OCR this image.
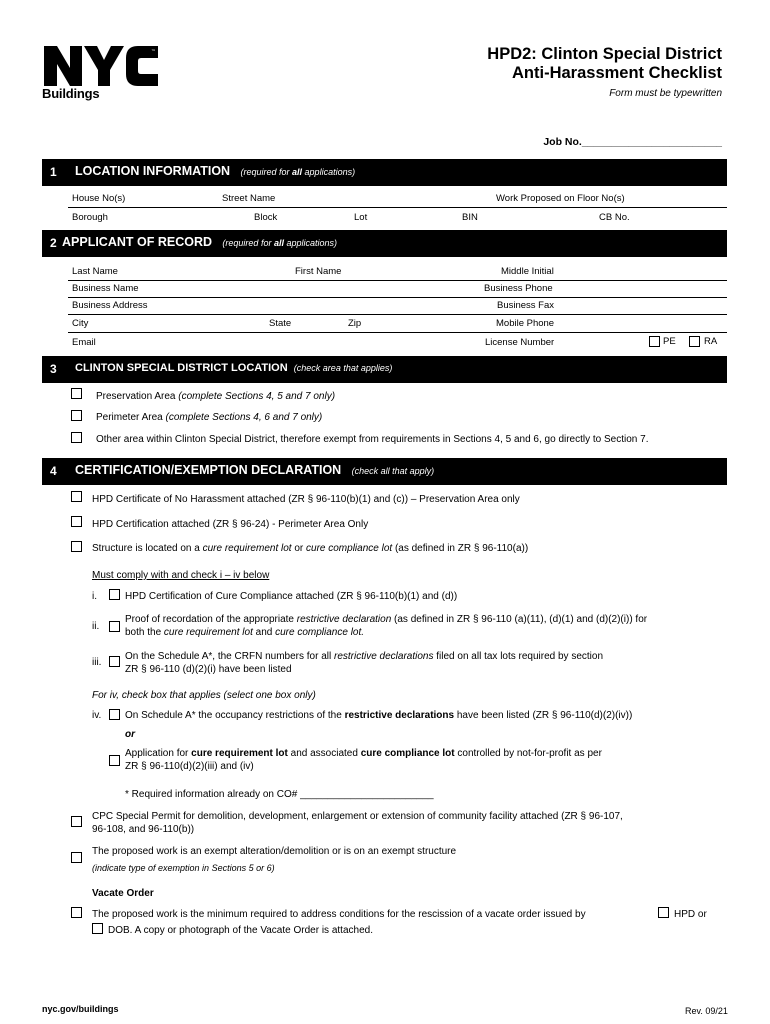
™
Buildings
HPD2: Clinton Special District
Anti-Harassment Checklist
Form must be typewritten
Job No.________________________
1 LOCATION INFORMATION (required for all applications)
House No(s)	Street Name	Work Proposed on Floor No(s)
Borough	Block	Lot	BIN	CB No.
2 APPLICANT OF RECORD (required for all applications)
Last Name	First Name	Middle Initial
Business Name	Business Phone
Business Address	Business Fax
City	State	Zip	Mobile Phone
Email	License Number	PE	RA
3 CLINTON SPECIAL DISTRICT LOCATION (check area that applies)
Preservation Area (complete Sections 4, 5 and 7 only)
Perimeter Area (complete Sections 4, 6 and 7 only)
Other area within Clinton Special District, therefore exempt from requirements in Sections 4, 5 and 6, go directly to Section 7.
4 CERTIFICATION/EXEMPTION DECLARATION (check all that apply)
HPD Certificate of No Harassment attached (ZR § 96-110(b)(1) and (c)) – Preservation Area only
HPD Certification attached (ZR § 96-24) - Perimeter Area Only
Structure is located on a cure requirement lot or cure compliance lot (as defined in ZR § 96-110(a))
Must comply with and check i – iv below
i.	HPD Certification of Cure Compliance attached (ZR § 96-110(b)(1) and (d))
ii.
Proof of recordation of the appropriate restrictive declaration (as defined in ZR § 96-110 (a)(11), (d)(1) and (d)(2)(i)) for
both the cure requirement lot and cure compliance lot.
iii.
On the Schedule A*, the CRFN numbers for all restrictive declarations filed on all tax lots required by section
ZR § 96-110 (d)(2)(i) have been listed
For iv, check box that applies (select one box only)
iv. On Schedule A* the occupancy restrictions of the restrictive declarations have been listed (ZR § 96-110(d)(2)(iv))
or
Application for cure requirement lot and associated cure compliance lot controlled by not-for-profit as per
ZR § 96-110(d)(2)(iii) and (iv)
* Required information already on CO# ________________________
CPC Special Permit for demolition, development, enlargement or extension of community facility attached (ZR § 96-107,
96-108, and 96-110(b))
The proposed work is an exempt alteration/demolition or is on an exempt structure
(indicate type of exemption in Sections 5 or 6)
Vacate Order
The proposed work is the minimum required to address conditions for the rescission of a vacate order issued by	HPD or
DOB. A copy or photograph of the Vacate Order is attached.
nyc.gov/buildings	Rev. 09/21
